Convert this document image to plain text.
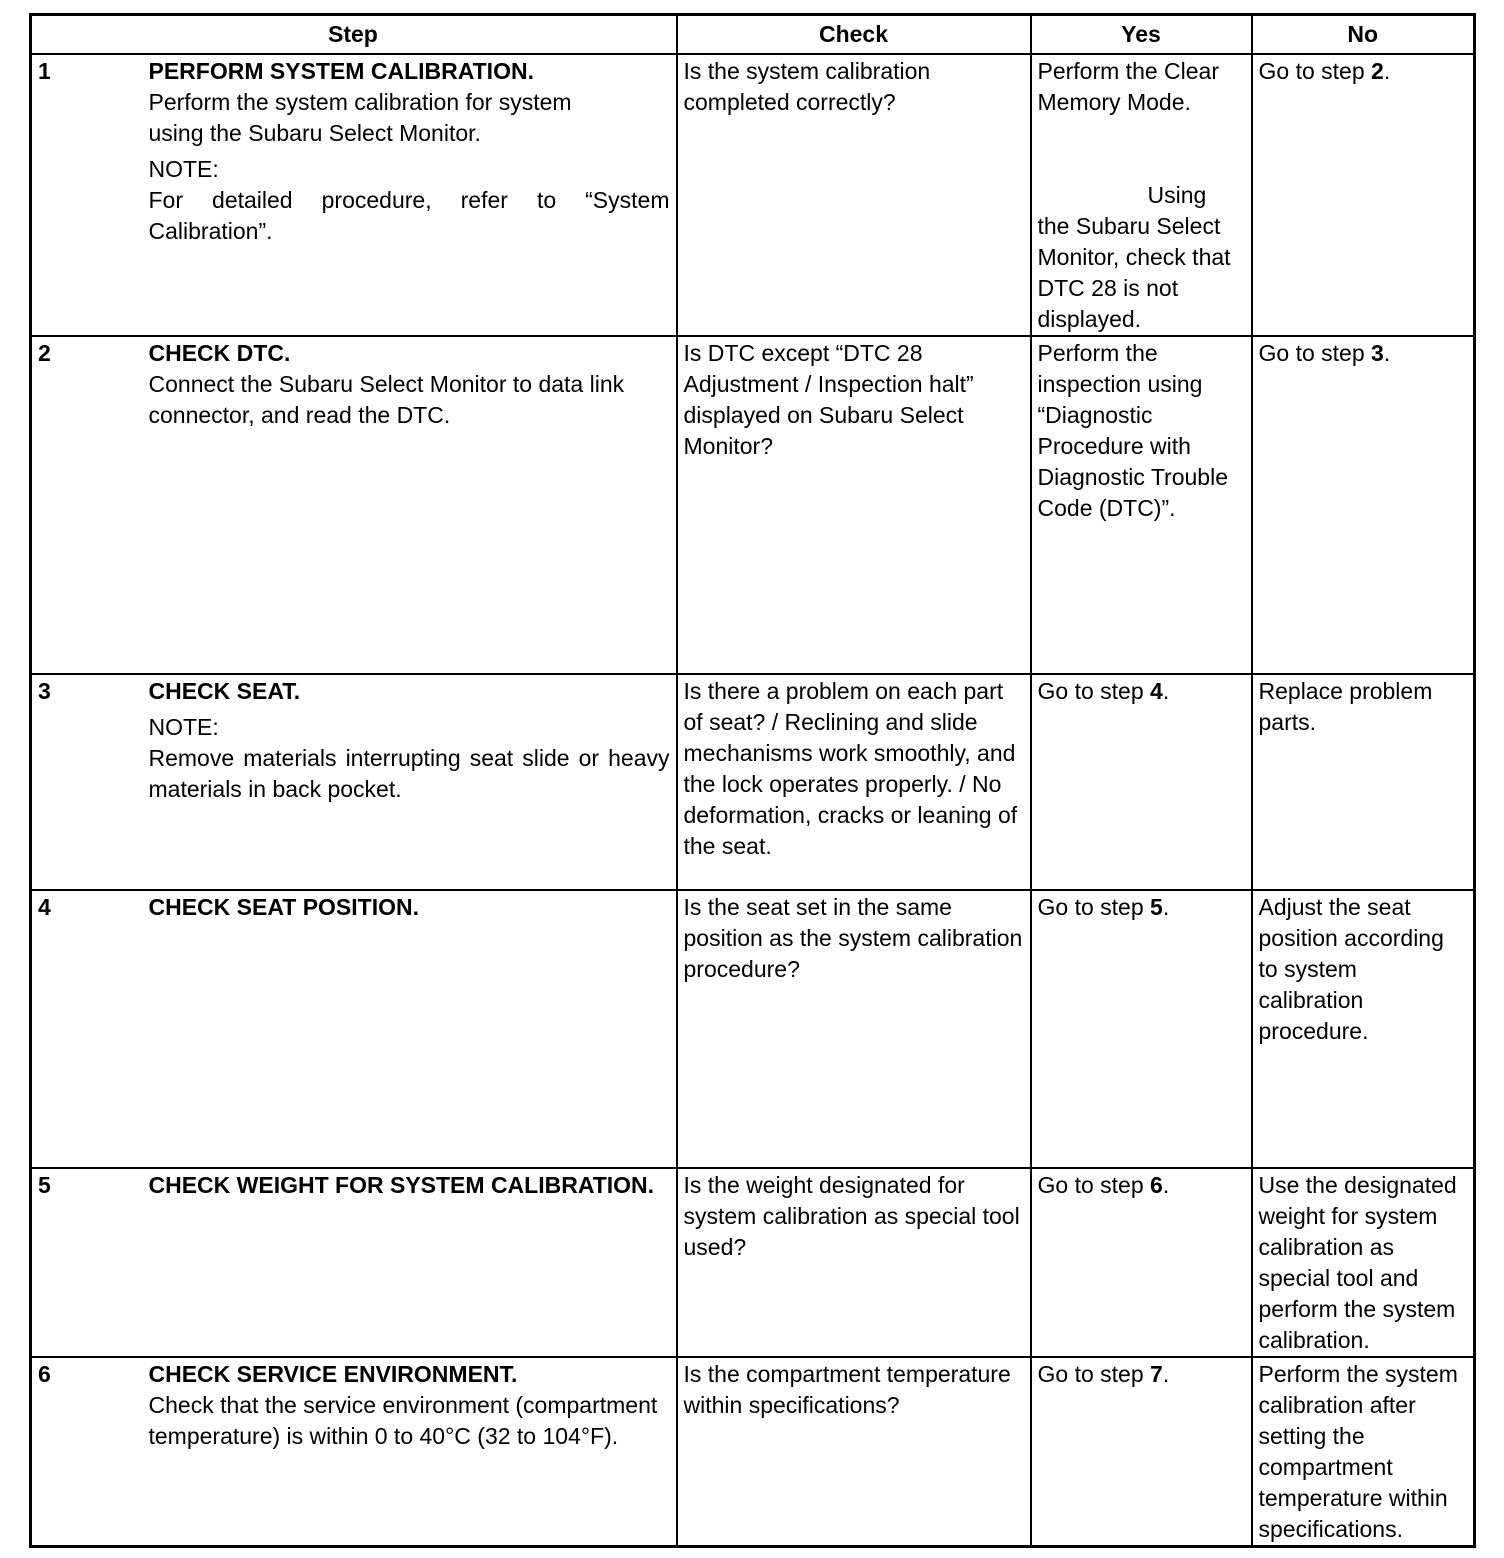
Step		Check	Yes	No
1	PERFORM SYSTEM CALIBRATION.
Perform the system calibration for system
using the Subaru Select Monitor.
NOTE:
For detailed procedure, refer to “System Calibration”.	Is the system calibration completed correctly?	Perform the Clear Memory Mode.
Using
the Subaru Select Monitor, check that DTC 28 is not displayed.	Go to step 2.
2	CHECK DTC.
Connect the Subaru Select Monitor to data link
connector, and read the DTC.	Is DTC except “DTC 28 Adjustment / Inspection halt” displayed on Subaru Select Monitor?	Perform the inspection using “Diagnostic Procedure with Diagnostic Trouble Code (DTC)”.	Go to step 3.
3	CHECK SEAT.
NOTE:
Remove materials interrupting seat slide or heavy materials in back pocket.	Is there a problem on each part of seat? / Reclining and slide mechanisms work smoothly, and the lock operates properly. / No deformation, cracks or leaning of the seat.	Go to step 4.	Replace problem parts.
4	CHECK SEAT POSITION.	Is the seat set in the same position as the system calibration procedure?	Go to step 5.	Adjust the seat position according to system calibration procedure.
5	CHECK WEIGHT FOR SYSTEM CALIBRATION.	Is the weight designated for system calibration as special tool used?	Go to step 6.	Use the designated weight for system calibration as special tool and perform the system calibration.
6	CHECK SERVICE ENVIRONMENT.
Check that the service environment (compartment temperature) is within 0 to 40°C (32 to 104°F).	Is the compartment temperature within specifications?	Go to step 7.	Perform the system calibration after setting the compartment temperature within specifications.
